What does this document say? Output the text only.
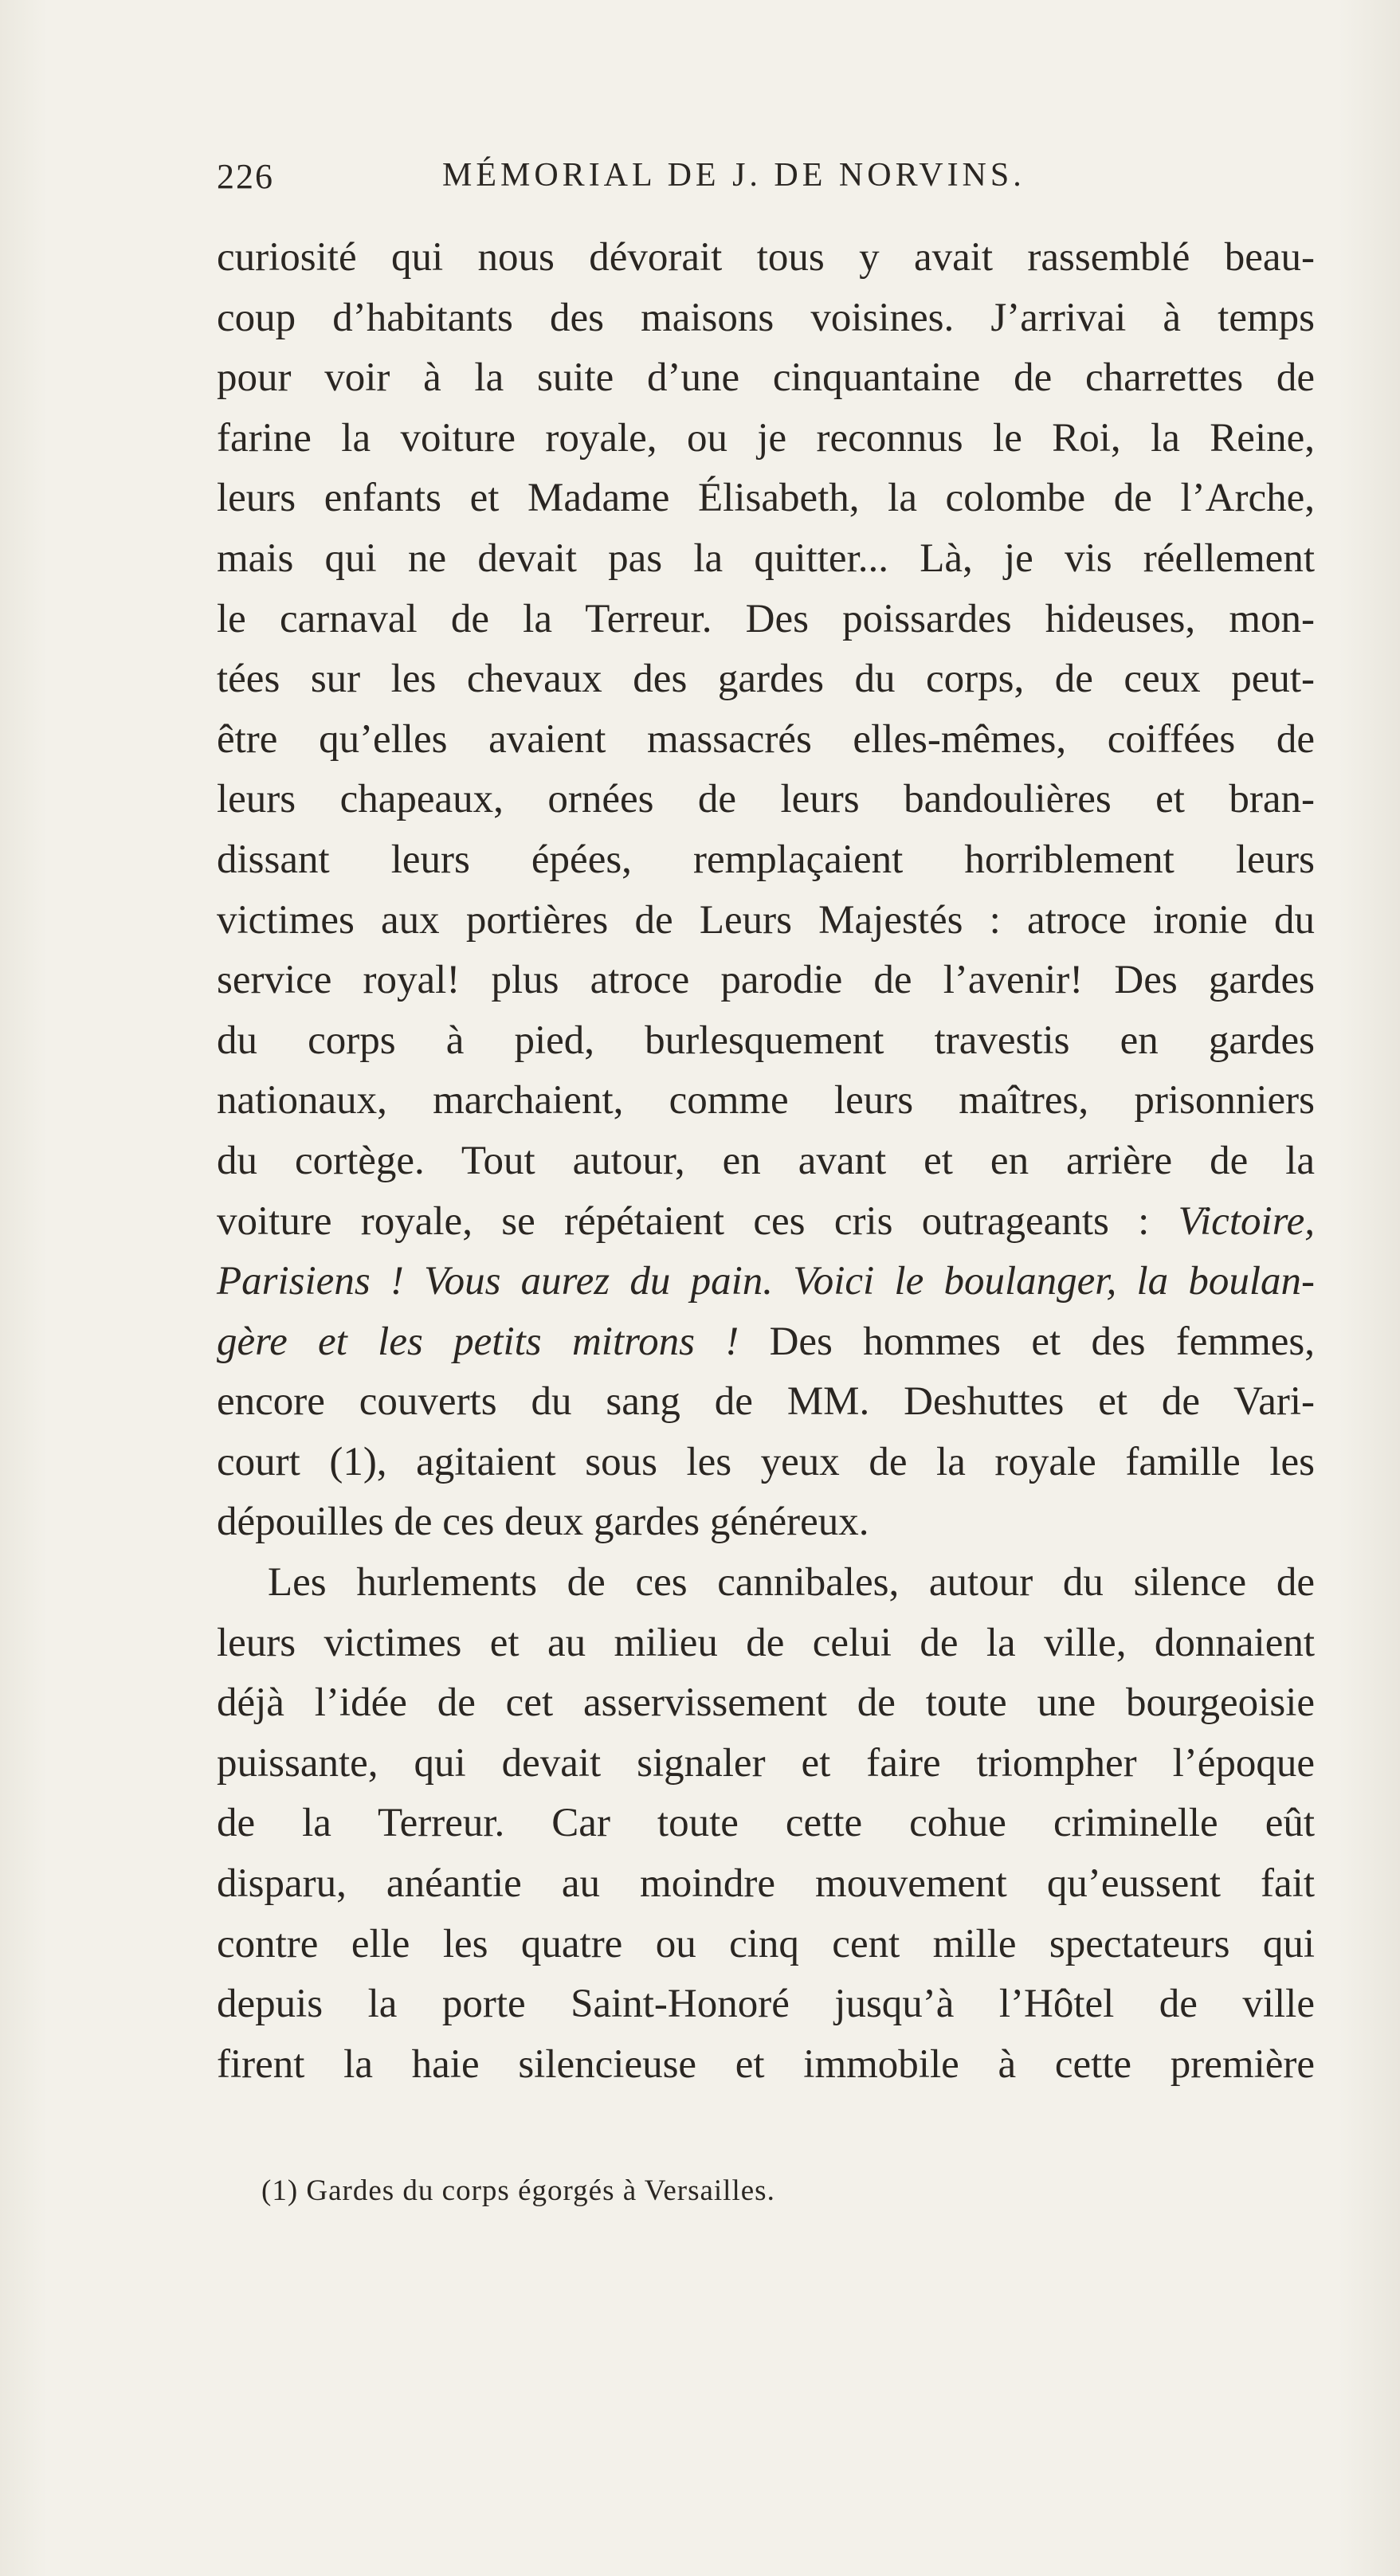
226	MÉMORIAL DE J. DE NORVINS.
curiosité qui nous dévorait tous y avait rassemblé beau-
coup d’habitants des maisons voisines. J’arrivai à temps
pour voir à la suite d’une cinquantaine de charrettes de
farine la voiture royale, ou je reconnus le Roi, la Reine,
leurs enfants et Madame Élisabeth, la colombe de l’Arche,
mais qui ne devait pas la quitter... Là, je vis réellement
le carnaval de la Terreur. Des poissardes hideuses, mon-
tées sur les chevaux des gardes du corps, de ceux peut-
être qu’elles avaient massacrés elles-mêmes, coiffées de
leurs chapeaux, ornées de leurs bandoulières et bran-
dissant leurs épées, remplaçaient horriblement leurs
victimes aux portières de Leurs Majestés : atroce ironie du
service royal! plus atroce parodie de l’avenir! Des gardes
du corps à pied, burlesquement travestis en gardes
nationaux, marchaient, comme leurs maîtres, prisonniers
du cortège. Tout autour, en avant et en arrière de la
voiture royale, se répétaient ces cris outrageants : Victoire,
Parisiens ! Vous aurez du pain. Voici le boulanger, la boulan-
gère et les petits mitrons ! Des hommes et des femmes,
encore couverts du sang de MM. Deshuttes et de Vari-
court (1), agitaient sous les yeux de la royale famille les
dépouilles de ces deux gardes généreux.
Les hurlements de ces cannibales, autour du silence de
leurs victimes et au milieu de celui de la ville, donnaient
déjà l’idée de cet asservissement de toute une bourgeoisie
puissante, qui devait signaler et faire triompher l’époque
de la Terreur. Car toute cette cohue criminelle eût
disparu, anéantie au moindre mouvement qu’eussent fait
contre elle les quatre ou cinq cent mille spectateurs qui
depuis la porte Saint-Honoré jusqu’à l’Hôtel de ville
firent la haie silencieuse et immobile à cette première
(1) Gardes du corps égorgés à Versailles.
